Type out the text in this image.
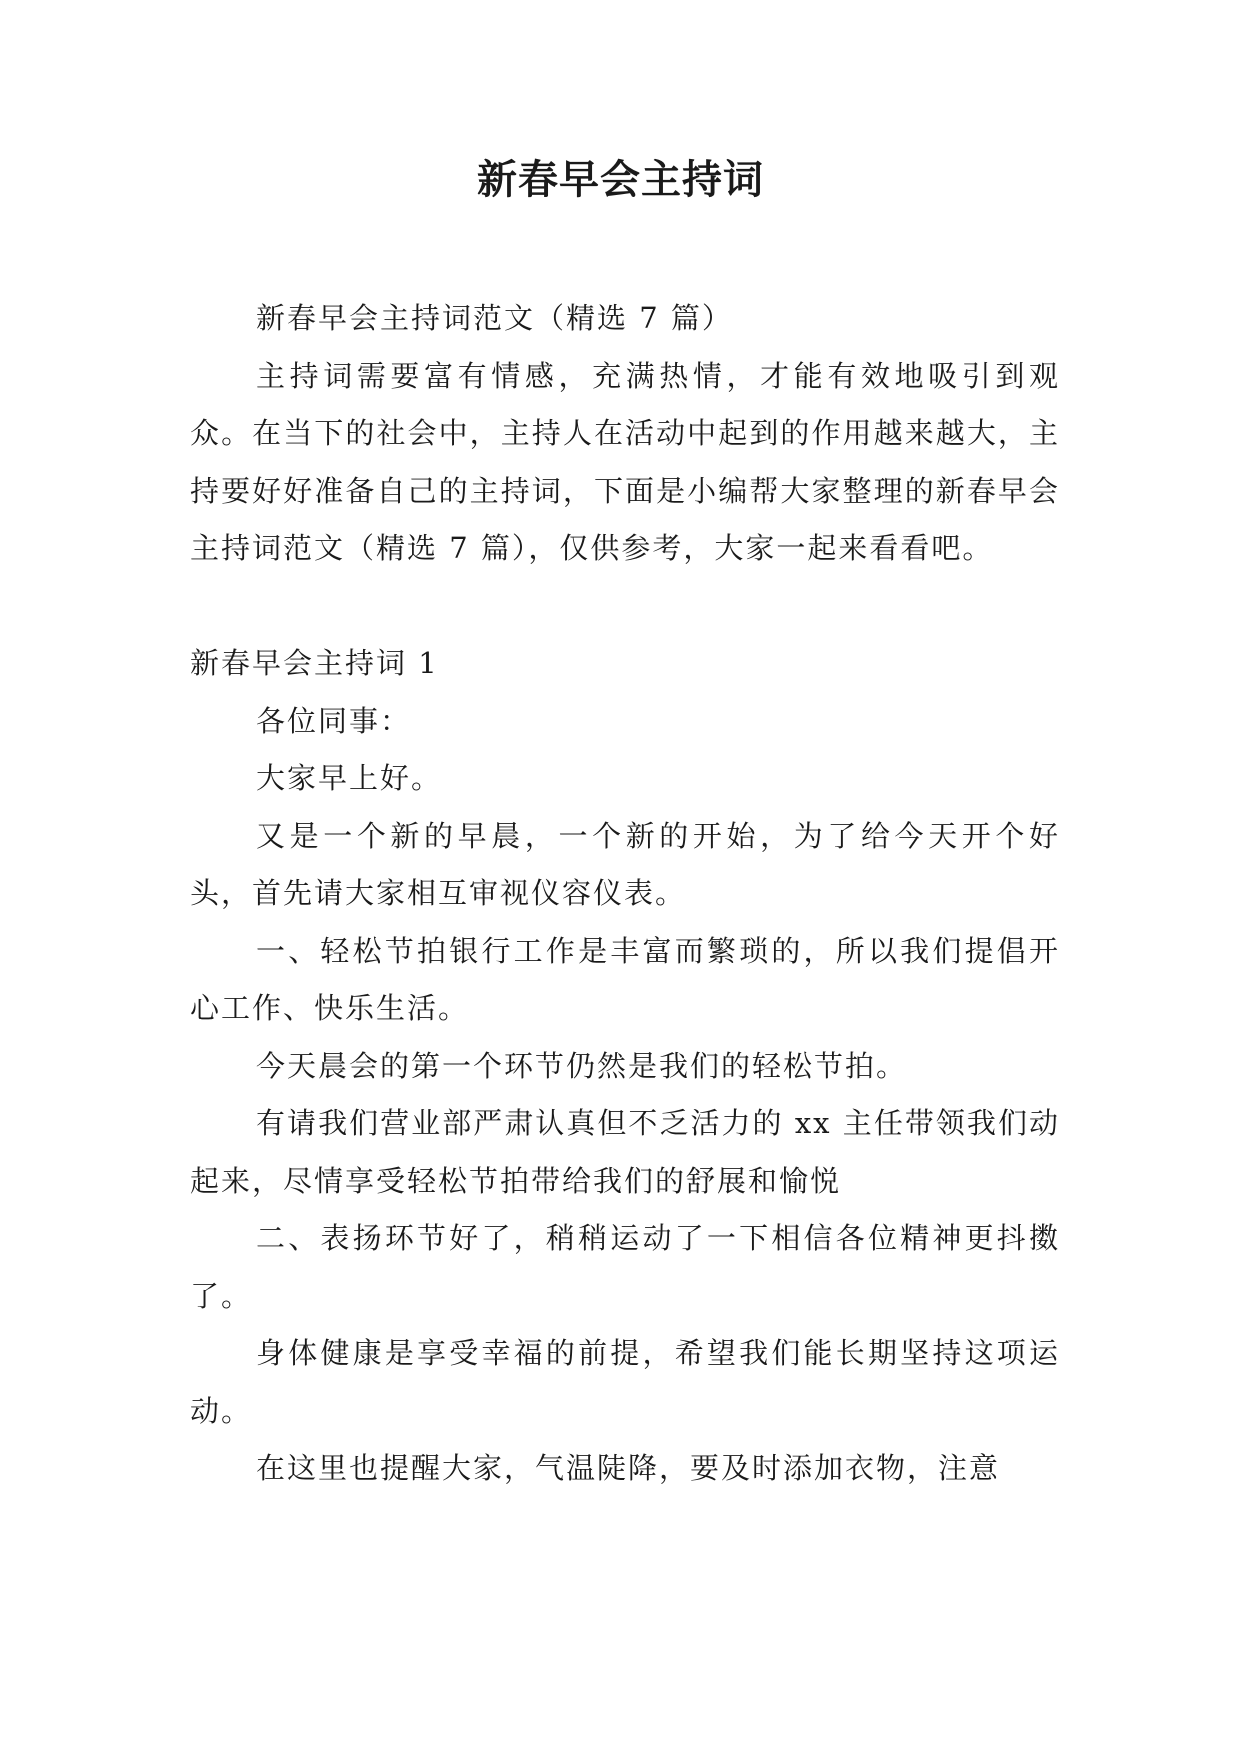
新春早会主持词

新春早会主持词范文（精选 7 篇）

主持词需要富有情感，充满热情，才能有效地吸引到观众。在当下的社会中，主持人在活动中起到的作用越来越大，主持要好好准备自己的主持词，下面是小编帮大家整理的新春早会主持词范文（精选 7 篇），仅供参考，大家一起来看看吧。

新春早会主持词 1

各位同事：

大家早上好。

又是一个新的早晨，一个新的开始，为了给今天开个好头，首先请大家相互审视仪容仪表。

一、轻松节拍银行工作是丰富而繁琐的，所以我们提倡开心工作、快乐生活。

今天晨会的第一个环节仍然是我们的轻松节拍。

有请我们营业部严肃认真但不乏活力的 xx 主任带领我们动起来，尽情享受轻松节拍带给我们的舒展和愉悦

二、表扬环节好了，稍稍运动了一下相信各位精神更抖擞了。

身体健康是享受幸福的前提，希望我们能长期坚持这项运动。

在这里也提醒大家，气温陡降，要及时添加衣物，注意
